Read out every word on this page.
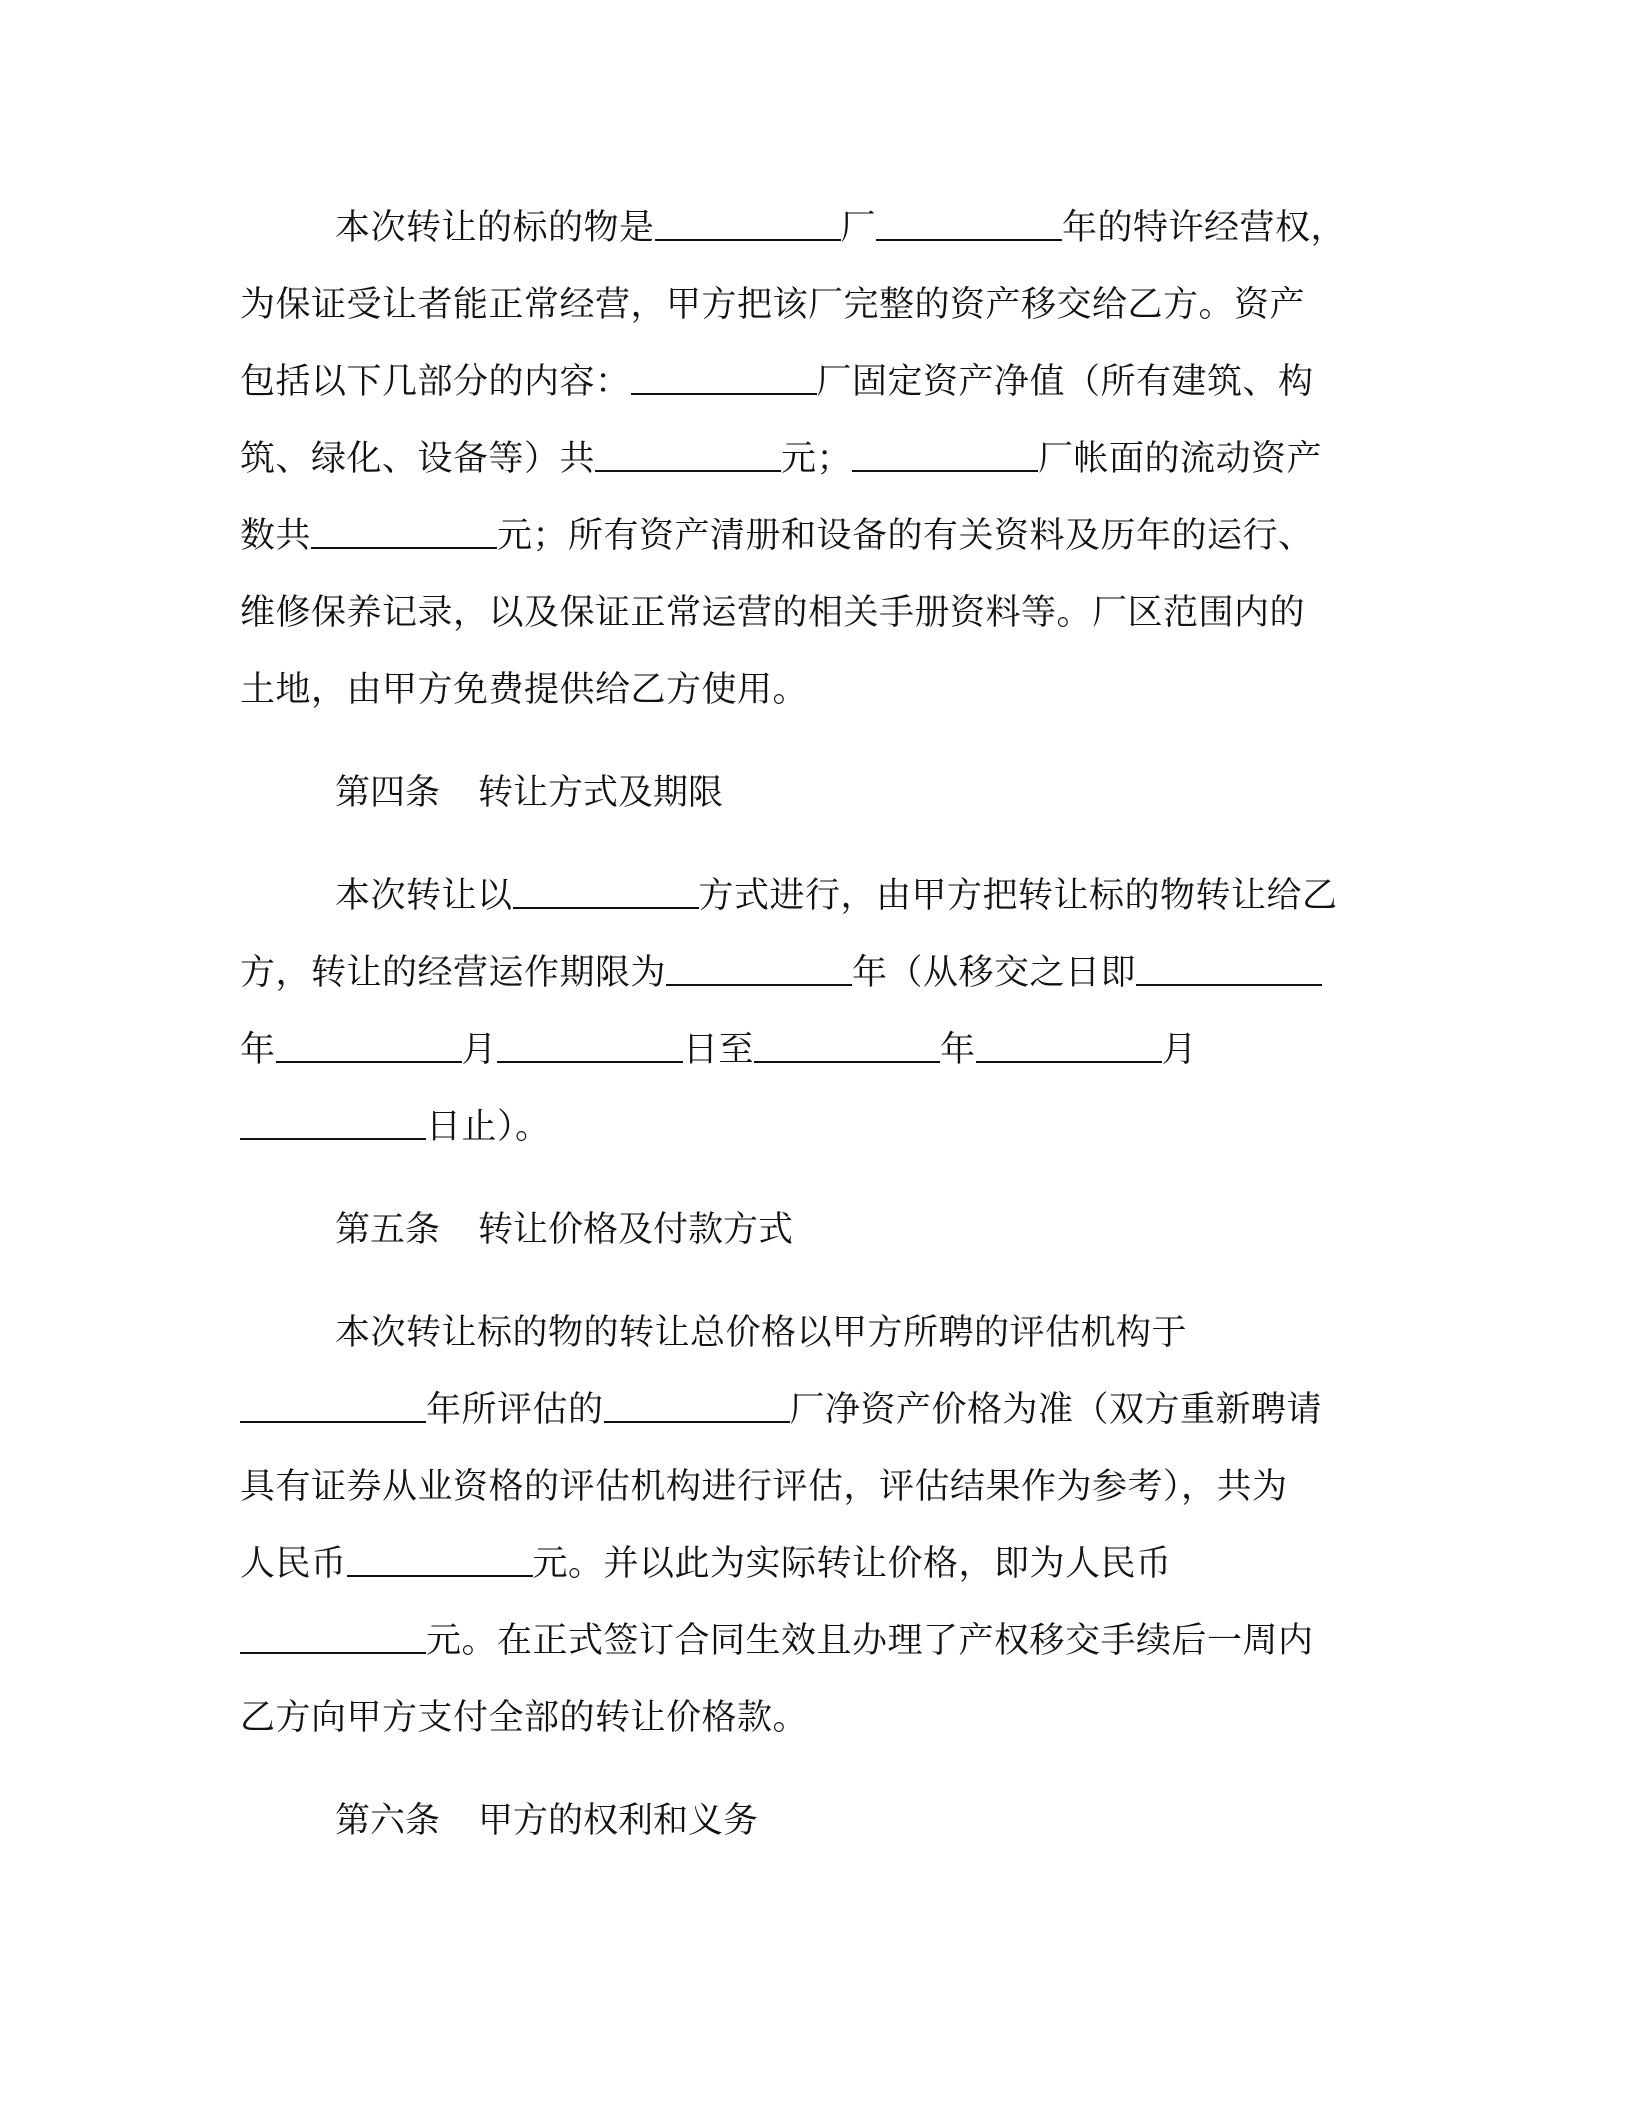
本次转让的标的物是	厂	年的特许经营权，
为保证受让者能正常经营，甲方把该厂完整的资产移交给乙方。资产
包括以下几部分的内容：	厂固定资产净值（所有建筑、构
筑、绿化、设备等）共	元；	厂帐面的流动资产
数共	元；所有资产清册和设备的有关资料及历年的运行、
维修保养记录，以及保证正常运营的相关手册资料等。厂区范围内的
土地，由甲方免费提供给乙方使用。
第四条 转让方式及期限
本次转让以	方式进行，由甲方把转让标的物转让给乙
方，转让的经营运作期限为	年（从移交之日即
年	月	日至	年	月
日止）。
第五条 转让价格及付款方式
本次转让标的物的转让总价格以甲方所聘的评估机构于
年所评估的	厂净资产价格为准（双方重新聘请
具有证券从业资格的评估机构进行评估，评估结果作为参考），共为
人民币	元。并以此为实际转让价格，即为人民币
元。在正式签订合同生效且办理了产权移交手续后一周内
乙方向甲方支付全部的转让价格款。
第六条 甲方的权利和义务
